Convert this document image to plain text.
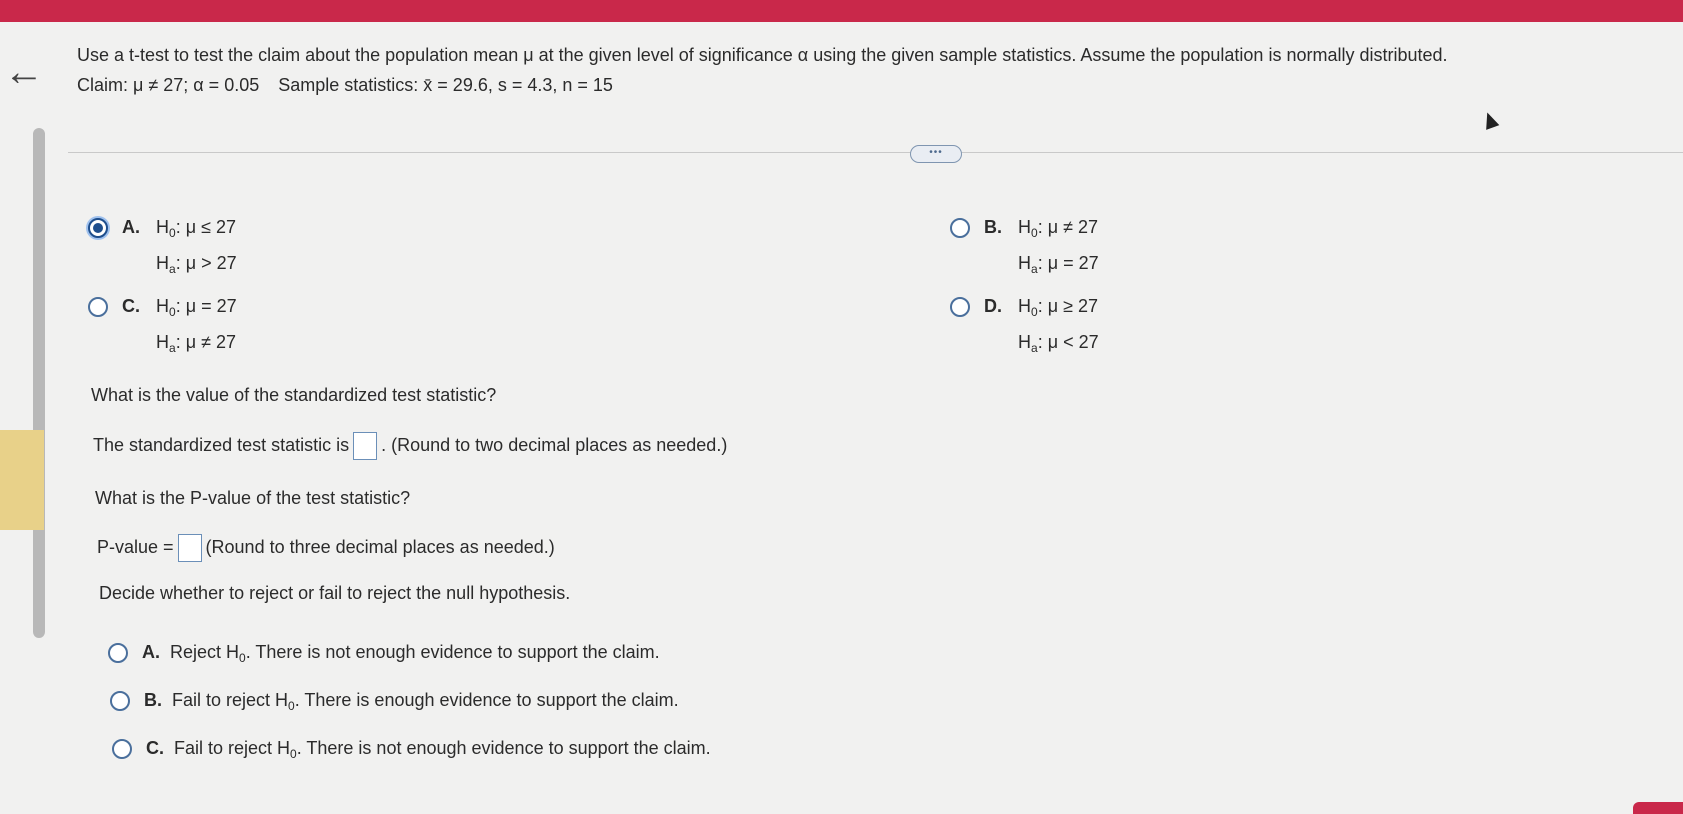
← Use a t-test to test the claim about the population mean μ at the given level of significance α using the given sample statistics. Assume the population is normally distributed.
Claim: μ ≠ 27; α = 0.05 Sample statistics: x̄ = 29.6, s = 4.3, n = 15
•••
A. $H_0$: μ ≤ 27
$H_a$: μ > 27
B. $H_0$: μ ≠ 27
$H_a$: μ = 27
C. $H_0$: μ = 27
$H_a$: μ ≠ 27
D. $H_0$: μ ≥ 27
$H_a$: μ < 27
What is the value of the standardized test statistic?
The standardized test statistic is . (Round to two decimal places as needed.)
What is the P-value of the test statistic?
P-value = (Round to three decimal places as needed.)
Decide whether to reject or fail to reject the null hypothesis.
A. Reject $H_0$. There is not enough evidence to support the claim.
B. Fail to reject $H_0$. There is enough evidence to support the claim.
C. Fail to reject $H_0$. There is not enough evidence to support the claim.
